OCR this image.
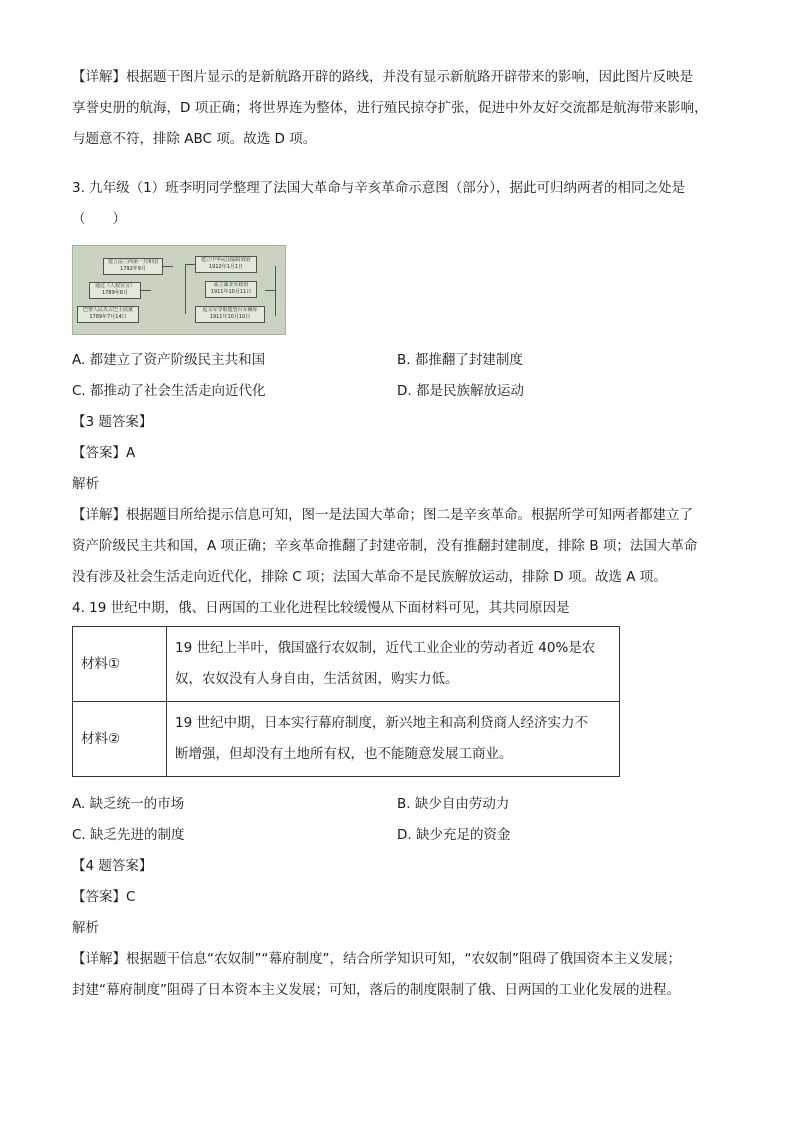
【详解】根据题干图片显示的是新航路开辟的路线，并没有显示新航路开辟带来的影响，因此图片反映是

享誉史册的航海，D 项正确；将世界连为整体，进行殖民掠夺扩张，促进中外友好交流都是航海带来影响，

与题意不符，排除 ABC 项。故选 D 项。

3. 九年级（1）班李明同学整理了法国大革命与辛亥革命示意图（部分），据此可归纳两者的相同之处是

（　　）

建立法兰西第一共和国
1792年9月
通过《人权宣言》
1789年8月
巴黎人民攻占巴士底狱
1789年7月14日
建立中华民国临时政府
1912年1月1日
成立湖北军政府
1911年10月11日
起义军夺取楚望台军械库
1911年10月10日

A. 都建立了资产阶级民主共和国	B. 都推翻了封建制度

C. 都推动了社会生活走向近代化	D. 都是民族解放运动

【3 题答案】

【答案】A

解析

【详解】根据题目所给提示信息可知，图一是法国大革命；图二是辛亥革命。根据所学可知两者都建立了

资产阶级民主共和国，A 项正确；辛亥革命推翻了封建帝制，没有推翻封建制度，排除 B 项；法国大革命

没有涉及社会生活走向近代化，排除 C 项；法国大革命不是民族解放运动，排除 D 项。故选 A 项。

4. 19 世纪中期，俄、日两国的工业化进程比较缓慢从下面材料可见，其共同原因是

材料①	19 世纪上半叶，俄国盛行农奴制，近代工业企业的劳动者近 40%是农
奴，农奴没有人身自由，生活贫困，购实力低。

材料②	19 世纪中期，日本实行幕府制度，新兴地主和高利贷商人经济实力不
断增强，但却没有土地所有权，也不能随意发展工商业。

A. 缺乏统一的市场	B. 缺少自由劳动力

C. 缺乏先进的制度	D. 缺少充足的资金

【4 题答案】

【答案】C

解析

【详解】根据题干信息“农奴制”“幕府制度”，结合所学知识可知，“农奴制”阻碍了俄国资本主义发展；

封建“幕府制度”阻碍了日本资本主义发展；可知，落后的制度限制了俄、日两国的工业化发展的进程。
